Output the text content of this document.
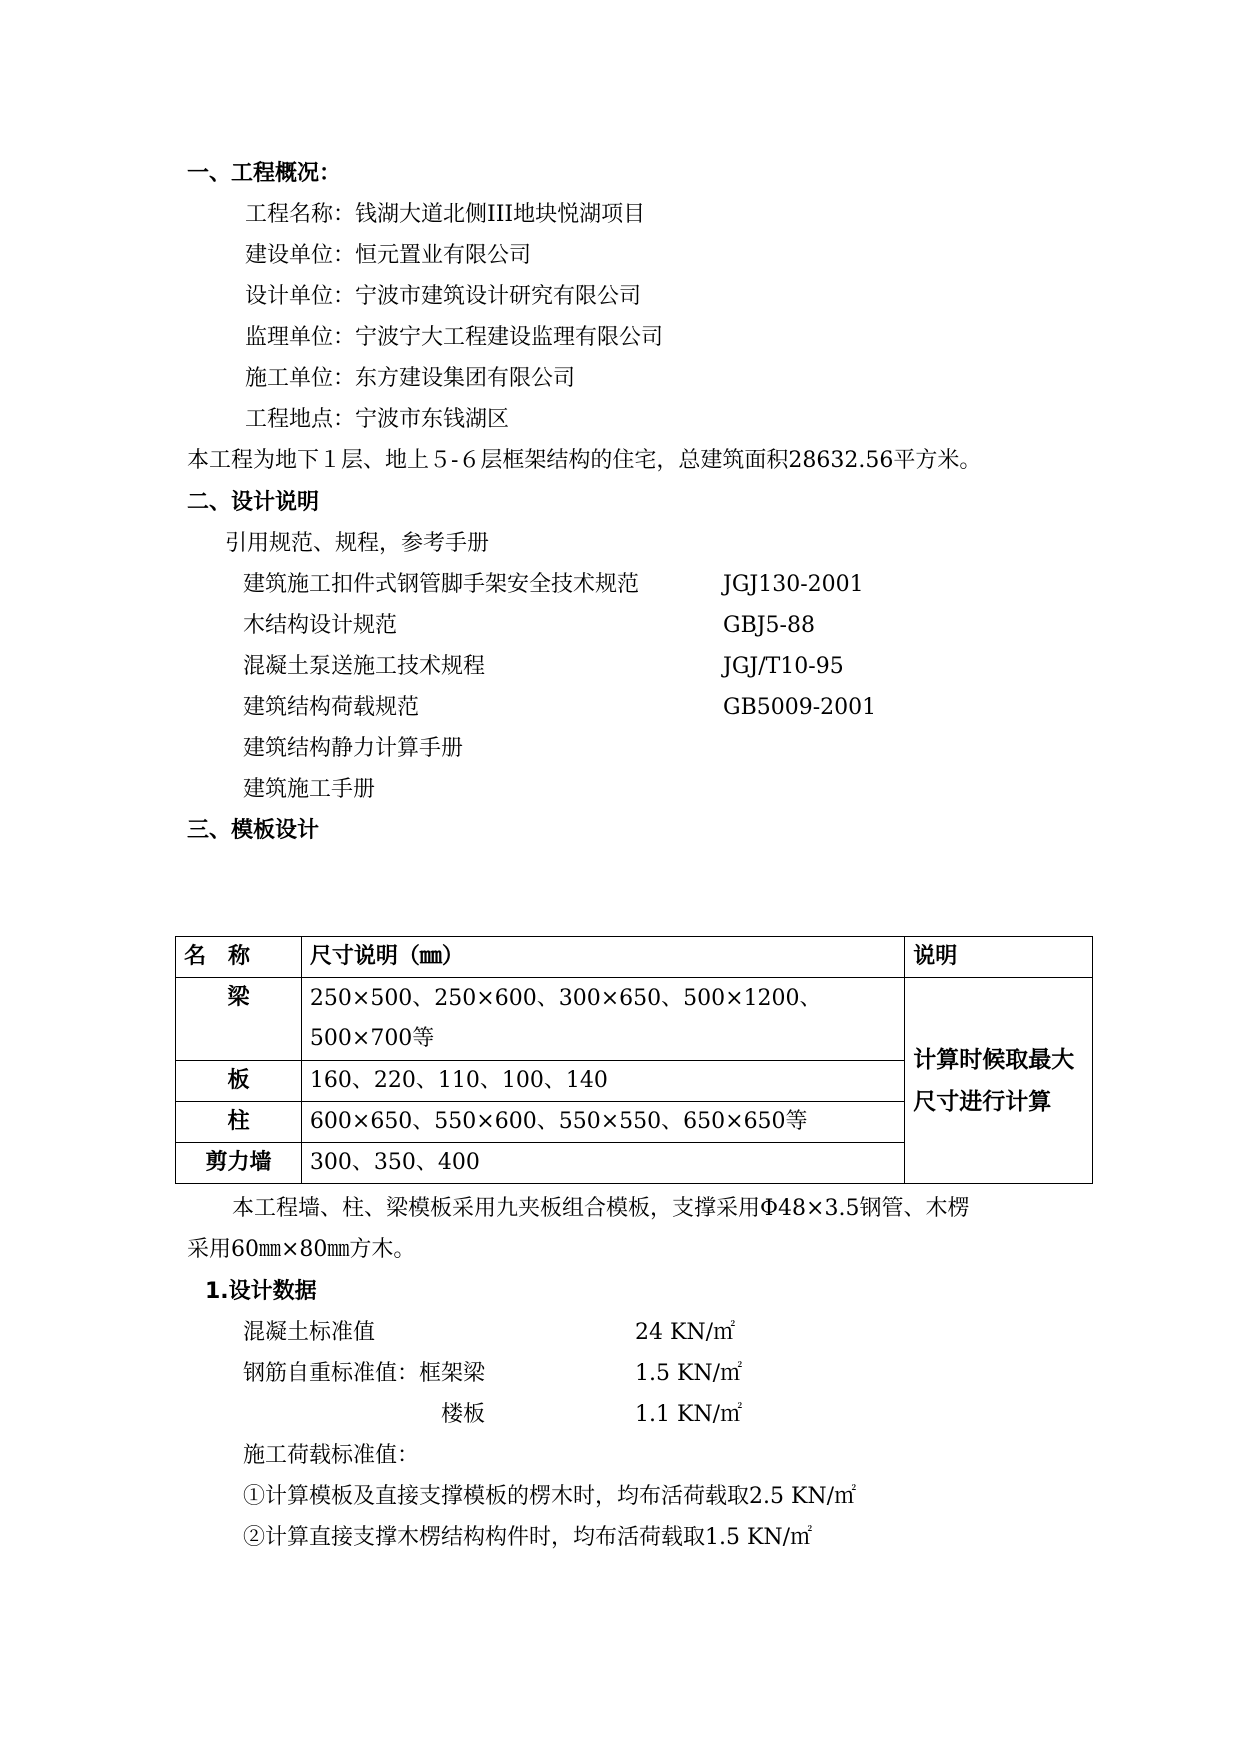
一、工程概况：
工程名称：钱湖大道北侧III地块悦湖项目
建设单位：恒元置业有限公司
设计单位：宁波市建筑设计研究有限公司
监理单位：宁波宁大工程建设监理有限公司
施工单位：东方建设集团有限公司
工程地点：宁波市东钱湖区
本工程为地下１层、地上５-６层框架结构的住宅，总建筑面积28632.56平方米。
二、设计说明
引用规范、规程，参考手册
建筑施工扣件式钢管脚手架安全技术规范	JGJ130-2001
木结构设计规范	GBJ5-88
混凝土泵送施工技术规程	JGJ/T10-95
建筑结构荷载规范	GB5009-2001
建筑结构静力计算手册
建筑施工手册
三、模板设计
名　称	尺寸说明（㎜）	说明
梁	250×500、250×600、300×650、500×1200、500×700等	计算时候取最大尺寸进行计算
板	160、220、110、100、140	
柱	600×650、550×600、550×550、650×650等	
剪力墙	300、350、400	
本工程墙、柱、梁模板采用九夹板组合模板，支撑采用Φ48×3.5钢管、木楞
采用60㎜×80㎜方木。
1.设计数据
混凝土标准值	24 KN/㎡
钢筋自重标准值：框架梁	1.5 KN/㎡
楼板	1.1 KN/㎡
施工荷载标准值：
①计算模板及直接支撑模板的楞木时，均布活荷载取2.5 KN/㎡
②计算直接支撑木楞结构构件时，均布活荷载取1.5 KN/㎡
